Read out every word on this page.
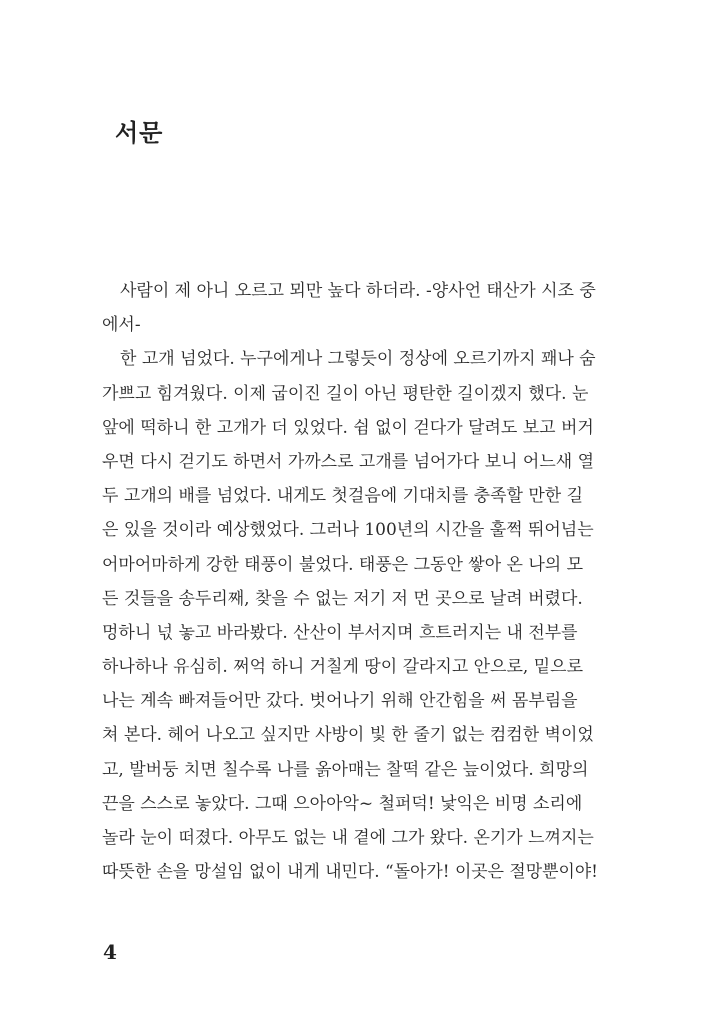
서문
사람이 제 아니 오르고 뫼만 높다 하더라. -양사언 태산가 시조 중
에서-
한 고개 넘었다. 누구에게나 그렇듯이 정상에 오르기까지 꽤나 숨
가쁘고 힘겨웠다. 이제 굽이진 길이 아닌 평탄한 길이겠지 했다. 눈
앞에 떡하니 한 고개가 더 있었다. 쉼 없이 걷다가 달려도 보고 버거
우면 다시 걷기도 하면서 가까스로 고개를 넘어가다 보니 어느새 열
두 고개의 배를 넘었다. 내게도 첫걸음에 기대치를 충족할 만한 길
은 있을 것이라 예상했었다. 그러나 100년의 시간을 훌쩍 뛰어넘는
어마어마하게 강한 태풍이 불었다. 태풍은 그동안 쌓아 온 나의 모
든 것들을 송두리째, 찾을 수 없는 저기 저 먼 곳으로 날려 버렸다.
멍하니 넋 놓고 바라봤다. 산산이 부서지며 흐트러지는 내 전부를
하나하나 유심히. 쩌억 하니 거칠게 땅이 갈라지고 안으로, 밑으로
나는 계속 빠져들어만 갔다. 벗어나기 위해 안간힘을 써 몸부림을
쳐 본다. 헤어 나오고 싶지만 사방이 빛 한 줄기 없는 컴컴한 벽이었
고, 발버둥 치면 칠수록 나를 옭아매는 찰떡 같은 늪이었다. 희망의
끈을 스스로 놓았다. 그때 으아아악~ 철퍼덕! 낯익은 비명 소리에
놀라 눈이 떠졌다. 아무도 없는 내 곁에 그가 왔다. 온기가 느껴지는
따뜻한 손을 망설임 없이 내게 내민다. “돌아가! 이곳은 절망뿐이야!
4
